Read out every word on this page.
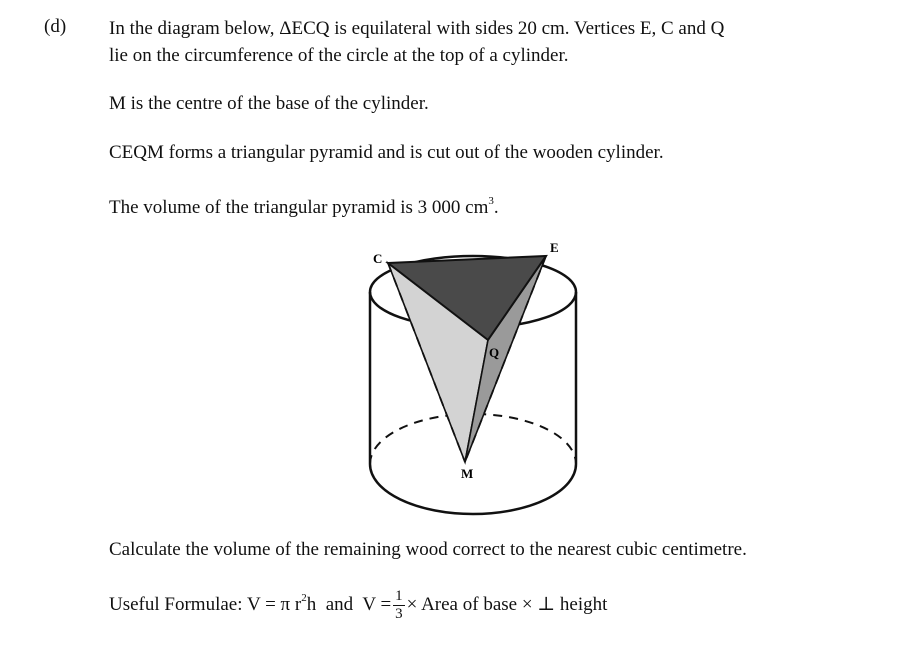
(d) In the diagram below, ΔECQ is equilateral with sides 20 cm. Vertices E, C and Q
lie on the circumference of the circle at the top of a cylinder.
M is the centre of the base of the cylinder.
CEQM forms a triangular pyramid and is cut out of the wooden cylinder.
The volume of the triangular pyramid is 3 000 $cm^3$.
C
E
Q
M
Calculate the volume of the remaining wood correct to the nearest cubic centimetre.
Useful Formulae: V = π $r^2h$ and $V = \frac{1}{3}$ × Area of base × ⊥ height
